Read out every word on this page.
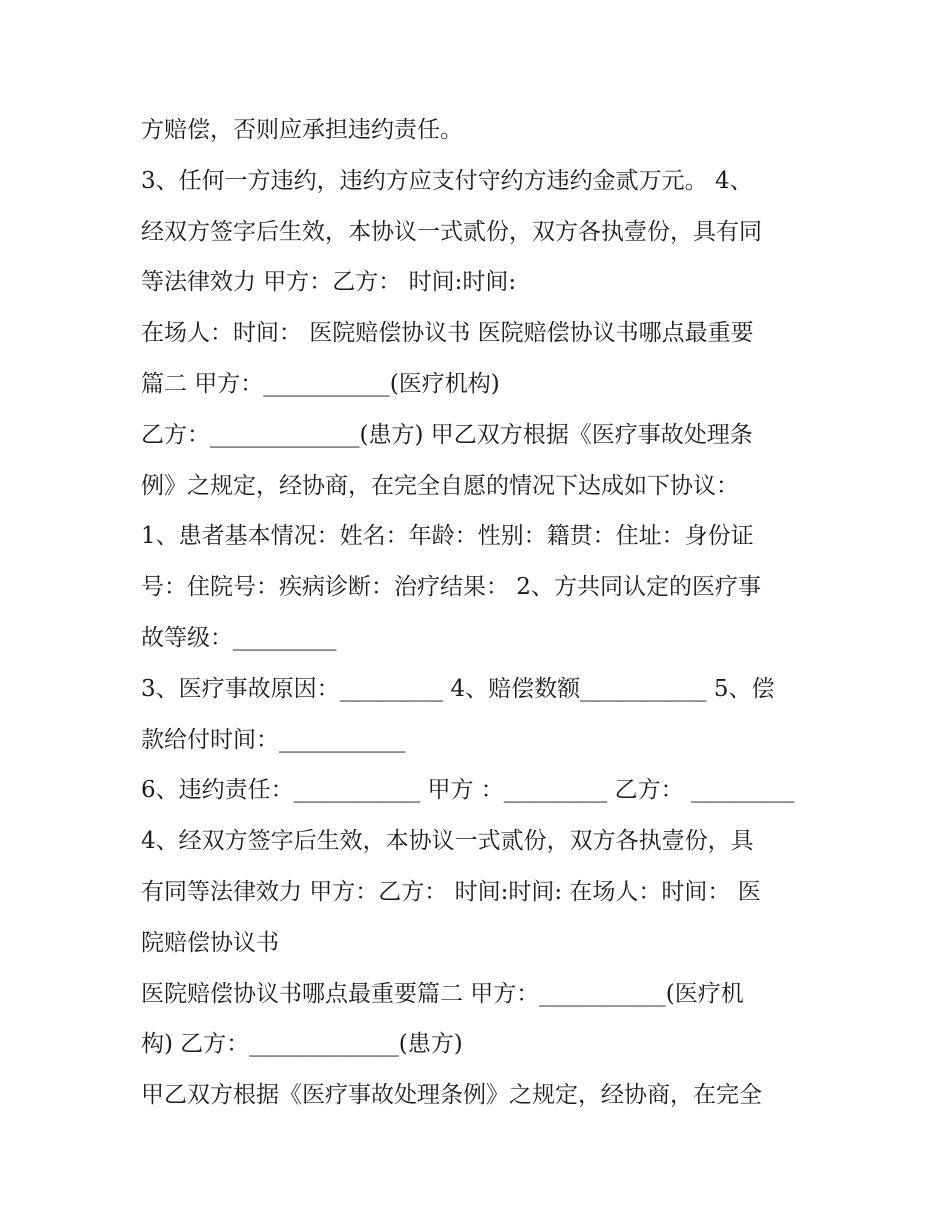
方赔偿，否则应承担违约责任。
3、任何一方违约，违约方应支付守约方违约金贰万元。 4、
经双方签字后生效，本协议一式贰份，双方各执壹份，具有同
等法律效力 甲方：乙方： 时间:时间:
在场人：时间： 医院赔偿协议书 医院赔偿协议书哪点最重要
篇二 甲方：___________(医疗机构)
乙方：_____________(患方) 甲乙双方根据《医疗事故处理条
例》之规定，经协商，在完全自愿的情况下达成如下协议：
1、患者基本情况：姓名：年龄：性别：籍贯：住址：身份证
号：住院号：疾病诊断：治疗结果： 2、方共同认定的医疗事
故等级：_________
3、医疗事故原因：_________ 4、赔偿数额___________ 5、偿
款给付时间：___________
6、违约责任：___________ 甲方 ：_________ 乙方： _________
4、经双方签字后生效，本协议一式贰份，双方各执壹份，具
有同等法律效力 甲方：乙方： 时间:时间: 在场人：时间： 医
院赔偿协议书
医院赔偿协议书哪点最重要篇二 甲方：___________(医疗机
构) 乙方：_____________(患方)
甲乙双方根据《医疗事故处理条例》之规定，经协商，在完全
